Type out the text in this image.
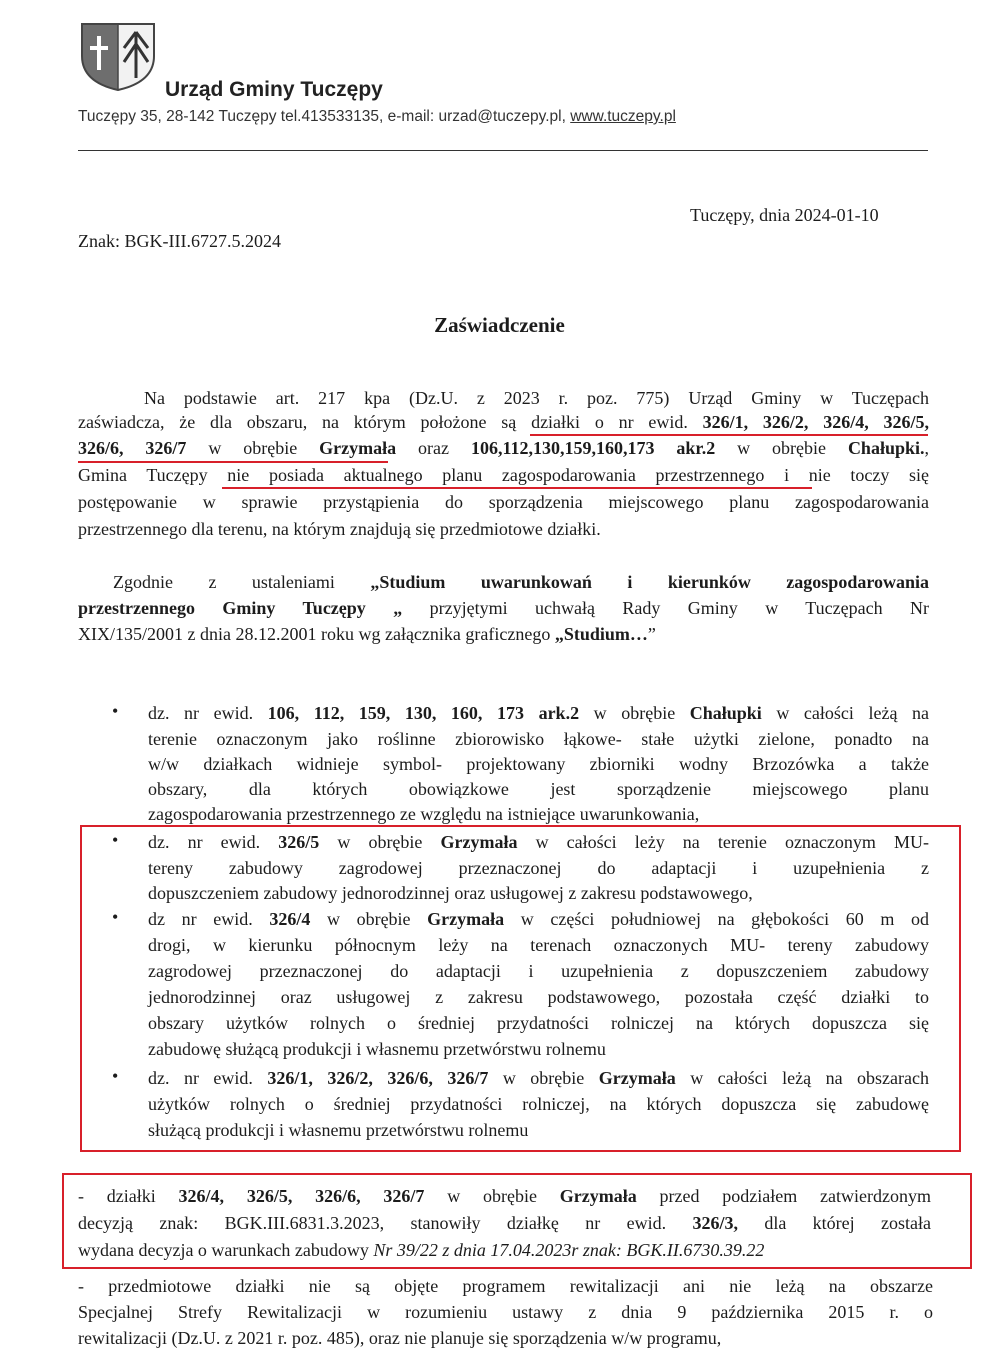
Urząd Gminy Tuczępy
Tuczępy 35, 28-142 Tuczępy tel.413533135, e-mail: urzad@tuczepy.pl, www.tuczepy.pl
Tuczępy, dnia 2024-01-10
Znak: BGK-III.6727.5.2024
Zaświadczenie
Na podstawie art. 217 kpa (Dz.U. z 2023 r. poz. 775) Urząd Gminy w Tuczępach
zaświadcza, że dla obszaru, na którym położone są działki o nr ewid. 326/1, 326/2, 326/4, 326/5,
326/6, 326/7 w obrębie Grzymała oraz 106,112,130,159,160,173 akr.2 w obrębie Chałupki.,
Gmina Tuczępy nie posiada aktualnego planu zagospodarowania przestrzennego i nie toczy się
postępowanie w sprawie przystąpienia do sporządzenia miejscowego planu zagospodarowania
przestrzennego dla terenu, na którym znajdują się przedmiotowe działki.
Zgodnie z ustaleniami „Studium uwarunkowań i kierunków zagospodarowania
przestrzennego Gminy Tuczępy „ przyjętymi uchwałą Rady Gminy w Tuczępach Nr
XIX/135/2001 z dnia 28.12.2001 roku wg załącznika graficznego „Studium…”
• dz. nr ewid. 106, 112, 159, 130, 160, 173 ark.2 w obrębie Chałupki w całości leżą na
terenie oznaczonym jako roślinne zbiorowisko łąkowe- stałe użytki zielone, ponadto na
w/w działkach widnieje symbol- projektowany zbiorniki wodny Brzozówka a także
obszary, dla których obowiązkowe jest sporządzenie miejscowego planu
zagospodarowania przestrzennego ze względu na istniejące uwarunkowania,
• dz. nr ewid. 326/5 w obrębie Grzymała w całości leży na terenie oznaczonym MU-
tereny zabudowy zagrodowej przeznaczonej do adaptacji i uzupełnienia z
dopuszczeniem zabudowy jednorodzinnej oraz usługowej z zakresu podstawowego,
• dz nr ewid. 326/4 w obrębie Grzymała w części południowej na głębokości 60 m od
drogi, w kierunku północnym leży na terenach oznaczonych MU- tereny zabudowy
zagrodowej przeznaczonej do adaptacji i uzupełnienia z dopuszczeniem zabudowy
jednorodzinnej oraz usługowej z zakresu podstawowego, pozostała część działki to
obszary użytków rolnych o średniej przydatności rolniczej na których dopuszcza się
zabudowę służącą produkcji i własnemu przetwórstwu rolnemu
• dz. nr ewid. 326/1, 326/2, 326/6, 326/7 w obrębie Grzymała w całości leżą na obszarach
użytków rolnych o średniej przydatności rolniczej, na których dopuszcza się zabudowę
służącą produkcji i własnemu przetwórstwu rolnemu
- działki 326/4, 326/5, 326/6, 326/7 w obrębie Grzymała przed podziałem zatwierdzonym
decyzją znak: BGK.III.6831.3.2023, stanowiły działkę nr ewid. 326/3, dla której została
wydana decyzja o warunkach zabudowy Nr 39/22 z dnia 17.04.2023r znak: BGK.II.6730.39.22
- przedmiotowe działki nie są objęte programem rewitalizacji ani nie leżą na obszarze
Specjalnej Strefy Rewitalizacji w rozumieniu ustawy z dnia 9 października 2015 r. o
rewitalizacji (Dz.U. z 2021 r. poz. 485), oraz nie planuje się sporządzenia w/w programu,
